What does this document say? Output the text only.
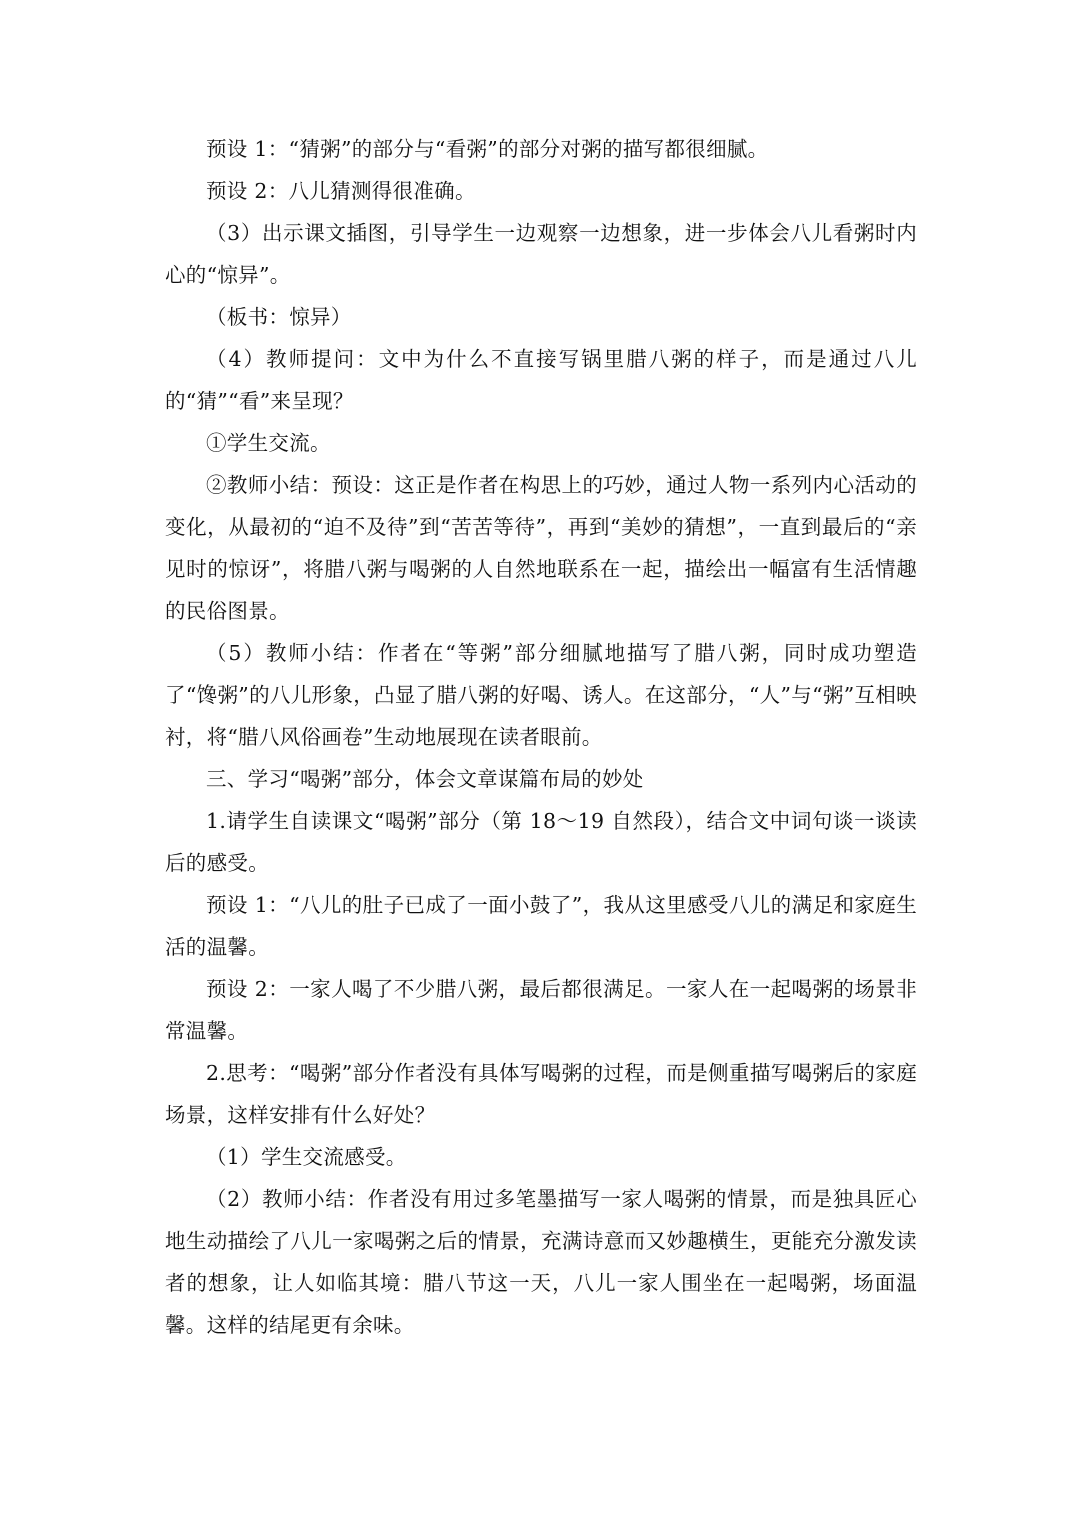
预设 1：“猜粥”的部分与“看粥”的部分对粥的描写都很细腻。

预设 2：八儿猜测得很准确。

（3）出示课文插图，引导学生一边观察一边想象，进一步体会八儿看粥时内心的“惊异”。

（板书：惊异）

（4）教师提问：文中为什么不直接写锅里腊八粥的样子，而是通过八儿的“猜”“看”来呈现？

①学生交流。

②教师小结：预设：这正是作者在构思上的巧妙，通过人物一系列内心活动的变化，从最初的“迫不及待”到“苦苦等待”，再到“美妙的猜想”，一直到最后的“亲见时的惊讶”，将腊八粥与喝粥的人自然地联系在一起，描绘出一幅富有生活情趣的民俗图景。

（5）教师小结：作者在“等粥”部分细腻地描写了腊八粥，同时成功塑造了“馋粥”的八儿形象，凸显了腊八粥的好喝、诱人。在这部分，“人”与“粥”互相映衬，将“腊八风俗画卷”生动地展现在读者眼前。

三、学习“喝粥”部分，体会文章谋篇布局的妙处

1.请学生自读课文“喝粥”部分（第 18～19 自然段），结合文中词句谈一谈读后的感受。

预设 1：“八儿的肚子已成了一面小鼓了”，我从这里感受八儿的满足和家庭生活的温馨。

预设 2：一家人喝了不少腊八粥，最后都很满足。一家人在一起喝粥的场景非常温馨。

2.思考：“喝粥”部分作者没有具体写喝粥的过程，而是侧重描写喝粥后的家庭场景，这样安排有什么好处？

（1）学生交流感受。

（2）教师小结：作者没有用过多笔墨描写一家人喝粥的情景，而是独具匠心地生动描绘了八儿一家喝粥之后的情景，充满诗意而又妙趣横生，更能充分激发读者的想象，让人如临其境：腊八节这一天，八儿一家人围坐在一起喝粥，场面温馨。这样的结尾更有余味。
